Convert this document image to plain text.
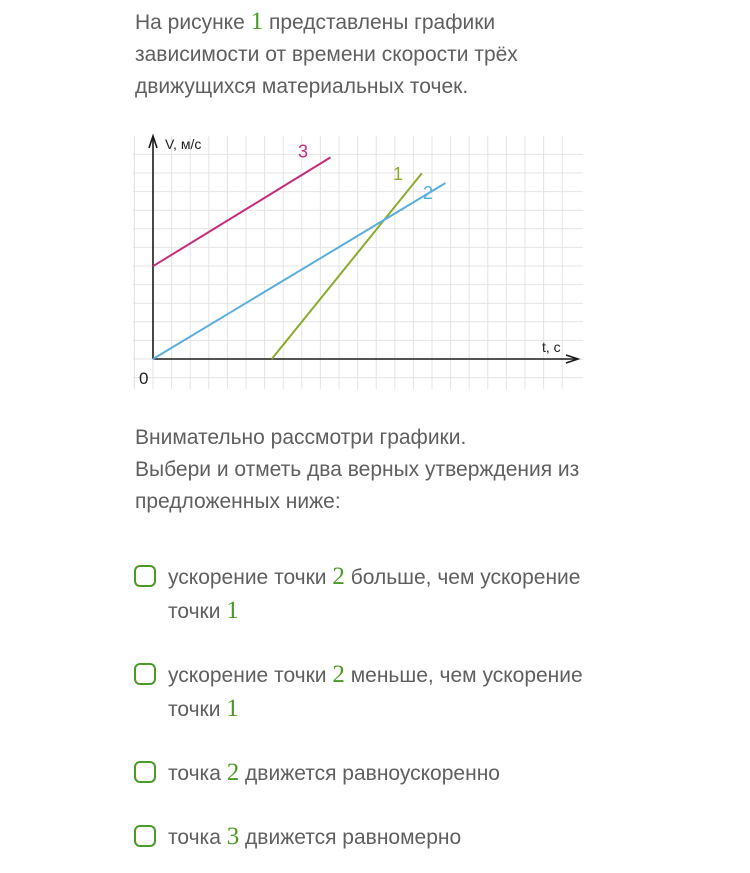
На рисунке 1 представлены графики зависимости от времени скорости трёх движущихся материальных точек.
V, м/с
t, c
0
1
2
3
Внимательно рассмотри графики.
Выбери и отметь два верных утверждения из предложенных ниже:
ускорение точки 2 больше, чем ускорение точки 1
ускорение точки 2 меньше, чем ускорение точки 1
точка 2 движется равноускоренно
точка 3 движется равномерно
